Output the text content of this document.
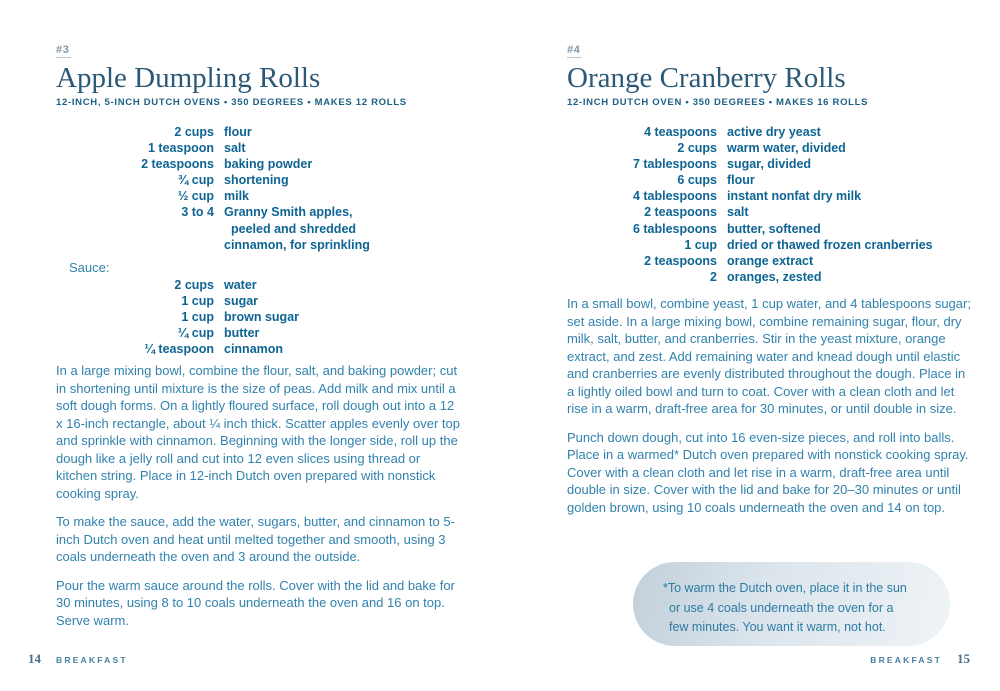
#3
Apple Dumpling Rolls
12-INCH, 5-INCH DUTCH OVENS • 350 DEGREES • MAKES 12 ROLLS
2 cups flour
1 teaspoon salt
2 teaspoons baking powder
¾ cup shortening
½ cup milk
3 to 4 Granny Smith apples,
peeled and shredded
cinnamon, for sprinkling
Sauce:
2 cups water
1 cup sugar
1 cup brown sugar
¼ cup butter
¼ teaspoon cinnamon

In a large mixing bowl, combine the flour, salt, and baking powder; cut in shortening until mixture is the size of peas. Add milk and mix until a soft dough forms. On a lightly floured surface, roll dough out into a 12 x 16-inch rectangle, about ¼ inch thick. Scatter apples evenly over top and sprinkle with cinnamon. Beginning with the longer side, roll up the dough like a jelly roll and cut into 12 even slices using thread or kitchen string. Place in 12-inch Dutch oven prepared with nonstick cooking spray.

To make the sauce, add the water, sugars, butter, and cinnamon to 5-inch Dutch oven and heat until melted together and smooth, using 3 coals underneath the oven and 3 around the outside.

Pour the warm sauce around the rolls. Cover with the lid and bake for 30 minutes, using 8 to 10 coals underneath the oven and 16 on top. Serve warm.

#4
Orange Cranberry Rolls
12-INCH DUTCH OVEN • 350 DEGREES • MAKES 16 ROLLS
4 teaspoons active dry yeast
2 cups warm water, divided
7 tablespoons sugar, divided
6 cups flour
4 tablespoons instant nonfat dry milk
2 teaspoons salt
6 tablespoons butter, softened
1 cup dried or thawed frozen cranberries
2 teaspoons orange extract
2 oranges, zested

In a small bowl, combine yeast, 1 cup water, and 4 tablespoons sugar; set aside. In a large mixing bowl, combine remaining sugar, flour, dry milk, salt, butter, and cranberries. Stir in the yeast mixture, orange extract, and zest. Add remaining water and knead dough until elastic and cranberries are evenly distributed throughout the dough. Place in a lightly oiled bowl and turn to coat. Cover with a clean cloth and let rise in a warm, draft-free area for 30 minutes, or until double in size.

Punch down dough, cut into 16 even-size pieces, and roll into balls. Place in a warmed* Dutch oven prepared with nonstick cooking spray. Cover with a clean cloth and let rise in a warm, draft-free area until double in size. Cover with the lid and bake for 20–30 minutes or until golden brown, using 10 coals underneath the oven and 14 on top.

*To warm the Dutch oven, place it in the sun
or use 4 coals underneath the oven for a
few minutes. You want it warm, not hot.
14 BREAKFAST	BREAKFAST 15
